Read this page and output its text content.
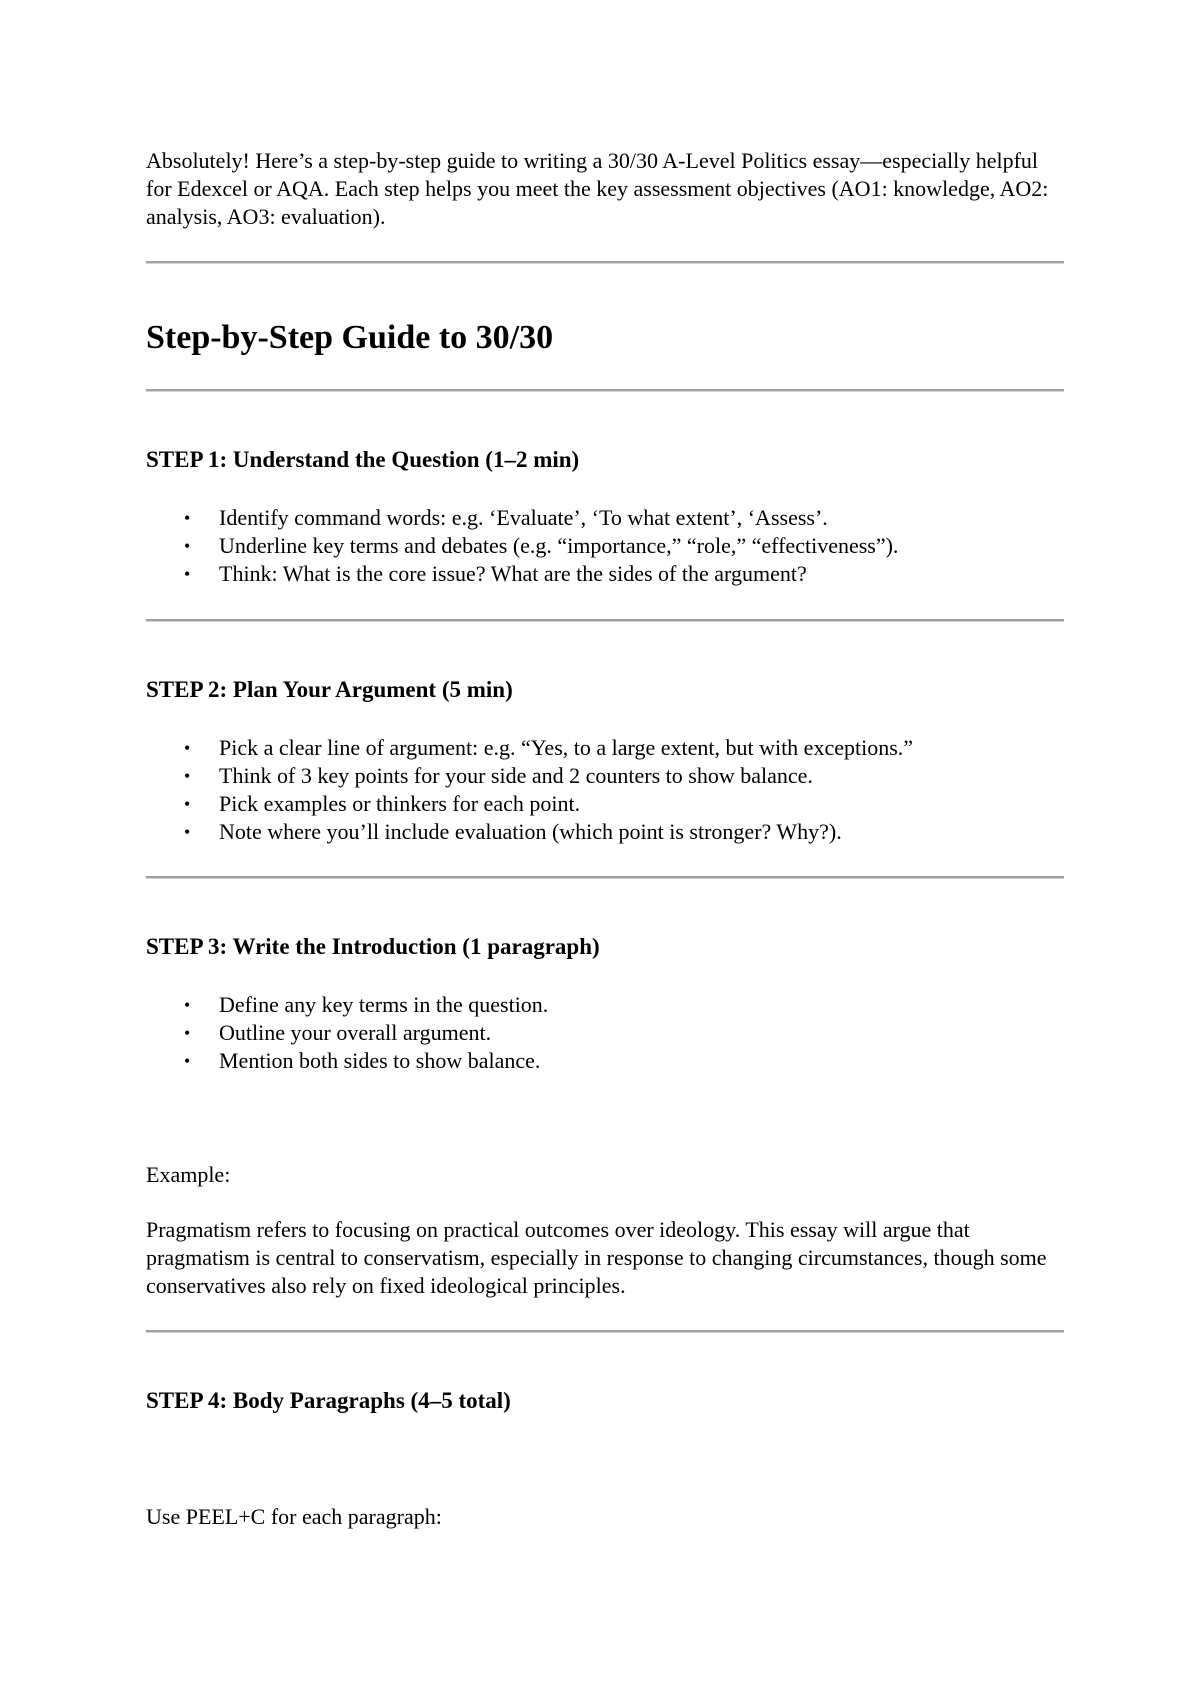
Absolutely! Here’s a step-by-step guide to writing a 30/30 A-Level Politics essay—especially helpful for Edexcel or AQA. Each step helps you meet the key assessment objectives (AO1: knowledge, AO2: analysis, AO3: evaluation).

Step-by-Step Guide to 30/30
STEP 1: Understand the Question (1–2 min)
• Identify command words: e.g. ‘Evaluate’, ‘To what extent’, ‘Assess’.
• Underline key terms and debates (e.g. “importance,” “role,” “effectiveness”).
• Think: What is the core issue? What are the sides of the argument?
STEP 2: Plan Your Argument (5 min)
• Pick a clear line of argument: e.g. “Yes, to a large extent, but with exceptions.”
• Think of 3 key points for your side and 2 counters to show balance.
• Pick examples or thinkers for each point.
• Note where you’ll include evaluation (which point is stronger? Why?).
STEP 3: Write the Introduction (1 paragraph)
• Define any key terms in the question.
• Outline your overall argument.
• Mention both sides to show balance.

Example:

Pragmatism refers to focusing on practical outcomes over ideology. This essay will argue that pragmatism is central to conservatism, especially in response to changing circumstances, though some conservatives also rely on fixed ideological principles.

STEP 4: Body Paragraphs (4–5 total)

Use PEEL+C for each paragraph:
